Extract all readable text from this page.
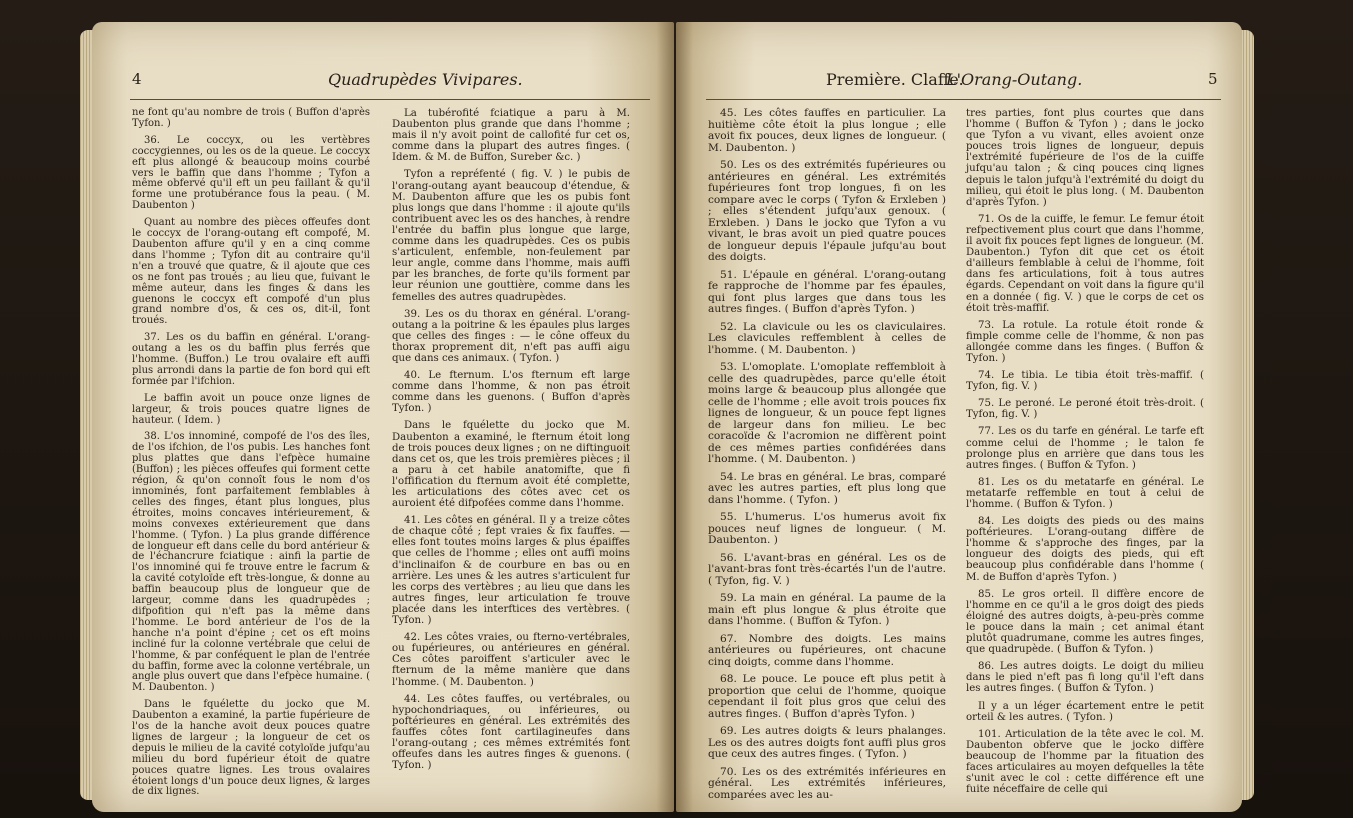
4	Quadrupèdes Vivipares.

ne font qu'au nombre de trois ( Buffon d'après Tyfon. )

36. Le coccyx, ou les vertèbres coccygiennes, ou les os de la queue. Le coccyx eft plus allongé & beaucoup moins courbé vers le baffin que dans l'homme ; Tyfon a même obfervé qu'il eft un peu faillant & qu'il forme une protubérance fous la peau. ( M. Daubenton )

Quant au nombre des pièces offeufes dont le coccyx de l'orang-outang eft compofé, M. Daubenton affure qu'il y en a cinq comme dans l'homme ; Tyfon dit au contraire qu'il n'en a trouvé que quatre, & il ajoute que ces os ne font pas troués ; au lieu que, fuivant le même auteur, dans les finges & dans les guenons le coccyx eft compofé d'un plus grand nombre d'os, & ces os, dit-il, font troués.

37. Les os du baffin en général. L'orang-outang a les os du baffin plus ferrés que l'homme. (Buffon.) Le trou ovalaire eft auffi plus arrondi dans la partie de fon bord qui eft formée par l'ifchion.

Le baffin avoit un pouce onze lignes de largeur, & trois pouces quatre lignes de hauteur. ( Idem. )

38. L'os innominé, compofé de l'os des îles, de l'os ifchion, de l'os pubis. Les hanches font plus plattes que dans l'efpèce humaine (Buffon) ; les pièces offeufes qui forment cette région, & qu'on connoît fous le nom d'os innominés, font parfaitement femblables à celles des finges, étant plus longues, plus étroites, moins concaves intérieurement, & moins convexes extérieurement que dans l'homme. ( Tyfon. ) La plus grande différence de longueur eft dans celle du bord antérieur & de l'échancrure fciatique : ainfi la partie de l'os innominé qui fe trouve entre le facrum & la cavité cotyloïde eft très-longue, & donne au baffin beaucoup plus de longueur que de largeur, comme dans les quadrupèdes ; difpofition qui n'eft pas la même dans l'homme. Le bord antérieur de l'os de la hanche n'a point d'épine ; cet os eft moins incliné fur la colonne vertébrale que celui de l'homme, & par conféquent le plan de l'entrée du baffin, forme avec la colonne vertébrale, un angle plus ouvert que dans l'efpèce humaine. ( M. Daubenton. )

Dans le fquélette du jocko que M. Daubenton a examiné, la partie fupérieure de l'os de la hanche avoit deux pouces quatre lignes de largeur ; la longueur de cet os depuis le milieu de la cavité cotyloïde jufqu'au milieu du bord fupérieur étoit de quatre pouces quatre lignes. Les trous ovalaires étoient longs d'un pouce deux lignes, & larges de dix lignes.

La tubérofité fciatique a paru à M. Daubenton plus grande que dans l'homme ; mais il n'y avoit point de callofité fur cet os, comme dans la plupart des autres finges. ( Idem. & M. de Buffon, Sureber &c. )

Tyfon a repréfenté ( fig. V. ) le pubis de l'orang-outang ayant beaucoup d'étendue, & M. Daubenton affure que les os pubis font plus longs que dans l'homme : il ajoute qu'ils contribuent avec les os des hanches, à rendre l'entrée du baffin plus longue que large, comme dans les quadrupèdes. Ces os pubis s'articulent, enfemble, non-feulement par leur angle, comme dans l'homme, mais auffi par les branches, de forte qu'ils forment par leur réunion une gouttière, comme dans les femelles des autres quadrupèdes.

39. Les os du thorax en général. L'orang-outang a la poitrine & les épaules plus larges que celles des finges : — le cône offeux du thorax proprement dit, n'eft pas auffi aigu que dans ces animaux. ( Tyfon. )

40. Le fternum. L'os fternum eft large comme dans l'homme, & non pas étroit comme dans les guenons. ( Buffon d'après Tyfon. )

Dans le fquélette du jocko que M. Daubenton a examiné, le fternum étoit long de trois pouces deux lignes ; on ne diftinguoit dans cet os, que les trois premières pièces ; il a paru à cet habile anatomifte, que fi l'offification du fternum avoit été complette, les articulations des côtes avec cet os auroient été difpofées comme dans l'homme.

41. Les côtes en général. Il y a treize côtes de chaque côté ; fept vraies & fix fauffes. — elles font toutes moins larges & plus épaiffes que celles de l'homme ; elles ont auffi moins d'inclinaifon & de courbure en bas ou en arrière. Les unes & les autres s'articulent fur les corps des vertèbres ; au lieu que dans les autres finges, leur articulation fe trouve placée dans les interftices des vertèbres. ( Tyfon. )

42. Les côtes vraies, ou fterno-vertébrales, ou fupérieures, ou antérieures en général. Ces côtes paroiffent s'articuler avec le fternum de la même manière que dans l'homme. ( M. Daubenton. )

44. Les côtes fauffes, ou vertébrales, ou hypochondriaques, ou inférieures, ou poftérieures en général. Les extrémités des fauffes côtes font cartilagineufes dans l'orang-outang ; ces mêmes extrémités font offeufes dans les autres finges & guenons. ( Tyfon. )

Première. Claffe.
L'Orang-Outang.	5

45. Les côtes fauffes en particulier. La huitième côte étoit la plus longue ; elle avoit fix pouces, deux lignes de longueur. ( M. Daubenton. )

50. Les os des extrémités fupérieures ou antérieures en général. Les extrémités fupérieures font trop longues, fi on les compare avec le corps ( Tyfon & Erxleben ) ; elles s'étendent jufqu'aux genoux. ( Erxleben. ) Dans le jocko que Tyfon a vu vivant, le bras avoit un pied quatre pouces de longueur depuis l'épaule jufqu'au bout des doigts.

51. L'épaule en général. L'orang-outang fe rapproche de l'homme par fes épaules, qui font plus larges que dans tous les autres finges. ( Buffon d'après Tyfon. )

52. La clavicule ou les os claviculaires. Les clavicules reffemblent à celles de l'homme. ( M. Daubenton. )

53. L'omoplate. L'omoplate reffembloit à celle des quadrupèdes, parce qu'elle étoit moins large & beaucoup plus allongée que celle de l'homme ; elle avoit trois pouces fix lignes de longueur, & un pouce fept lignes de largeur dans fon milieu. Le bec coracoïde & l'acromion ne diffèrent point de ces mêmes parties confidérées dans l'homme. ( M. Daubenton. )

54. Le bras en général. Le bras, comparé avec les autres parties, eft plus long que dans l'homme. ( Tyfon. )

55. L'humerus. L'os humerus avoit fix pouces neuf lignes de longueur. ( M. Daubenton. )

56. L'avant-bras en général. Les os de l'avant-bras font très-écartés l'un de l'autre. ( Tyfon, fig. V. )

59. La main en général. La paume de la main eft plus longue & plus étroite que dans l'homme. ( Buffon & Tyfon. )

67. Nombre des doigts. Les mains antérieures ou fupérieures, ont chacune cinq doigts, comme dans l'homme.

68. Le pouce. Le pouce eft plus petit à proportion que celui de l'homme, quoique cependant il foit plus gros que celui des autres finges. ( Buffon d'après Tyfon. )

69. Les autres doigts & leurs phalanges. Les os des autres doigts font auffi plus gros que ceux des autres finges. ( Tyfon. )

70. Les os des extrémités inférieures en général. Les extrémités inférieures, comparées avec les au-

tres parties, font plus courtes que dans l'homme ( Buffon & Tyfon ) ; dans le jocko que Tyfon a vu vivant, elles avoient onze pouces trois lignes de longueur, depuis l'extrémité fupérieure de l'os de la cuiffe jufqu'au talon ; & cinq pouces cinq lignes depuis le talon jufqu'à l'extrémité du doigt du milieu, qui étoit le plus long. ( M. Daubenton d'après Tyfon. )

71. Os de la cuiffe, le femur. Le femur étoit refpectivement plus court que dans l'homme, il avoit fix pouces fept lignes de longueur. (M. Daubenton.) Tyfon dit que cet os étoit d'ailleurs femblable à celui de l'homme, foit dans fes articulations, foit à tous autres égards. Cependant on voit dans la figure qu'il en a donnée ( fig. V. ) que le corps de cet os étoit très-maffif.

73. La rotule. La rotule étoit ronde & fimple comme celle de l'homme, & non pas allongée comme dans les finges. ( Buffon & Tyfon. )

74. Le tibia. Le tibia étoit très-maffif. ( Tyfon, fig. V. )

75. Le peroné. Le peroné étoit très-droit. ( Tyfon, fig. V. )

77. Les os du tarfe en général. Le tarfe eft comme celui de l'homme ; le talon fe prolonge plus en arrière que dans tous les autres finges. ( Buffon & Tyfon. )

81. Les os du metatarfe en général. Le metatarfe reffemble en tout à celui de l'homme. ( Buffon & Tyfon. )

84. Les doigts des pieds ou des mains poftérieures. L'orang-outang diffère de l'homme & s'approche des finges, par la longueur des doigts des pieds, qui eft beaucoup plus confidérable dans l'homme ( M. de Buffon d'après Tyfon. )

85. Le gros orteil. Il diffère encore de l'homme en ce qu'il a le gros doigt des pieds éloigné des autres doigts, à-peu-près comme le pouce dans la main ; cet animal étant plutôt quadrumane, comme les autres finges, que quadrupède. ( Buffon & Tyfon. )

86. Les autres doigts. Le doigt du milieu dans le pied n'eft pas fi long qu'il l'eft dans les autres finges. ( Buffon & Tyfon. )

Il y a un léger écartement entre le petit orteil & les autres. ( Tyfon. )

101. Articulation de la tête avec le col. M. Daubenton obferve que le jocko diffère beaucoup de l'homme par la fituation des faces articulaires au moyen defquelles la tête s'unit avec le col : cette différence eft une fuite néceffaire de celle qui
